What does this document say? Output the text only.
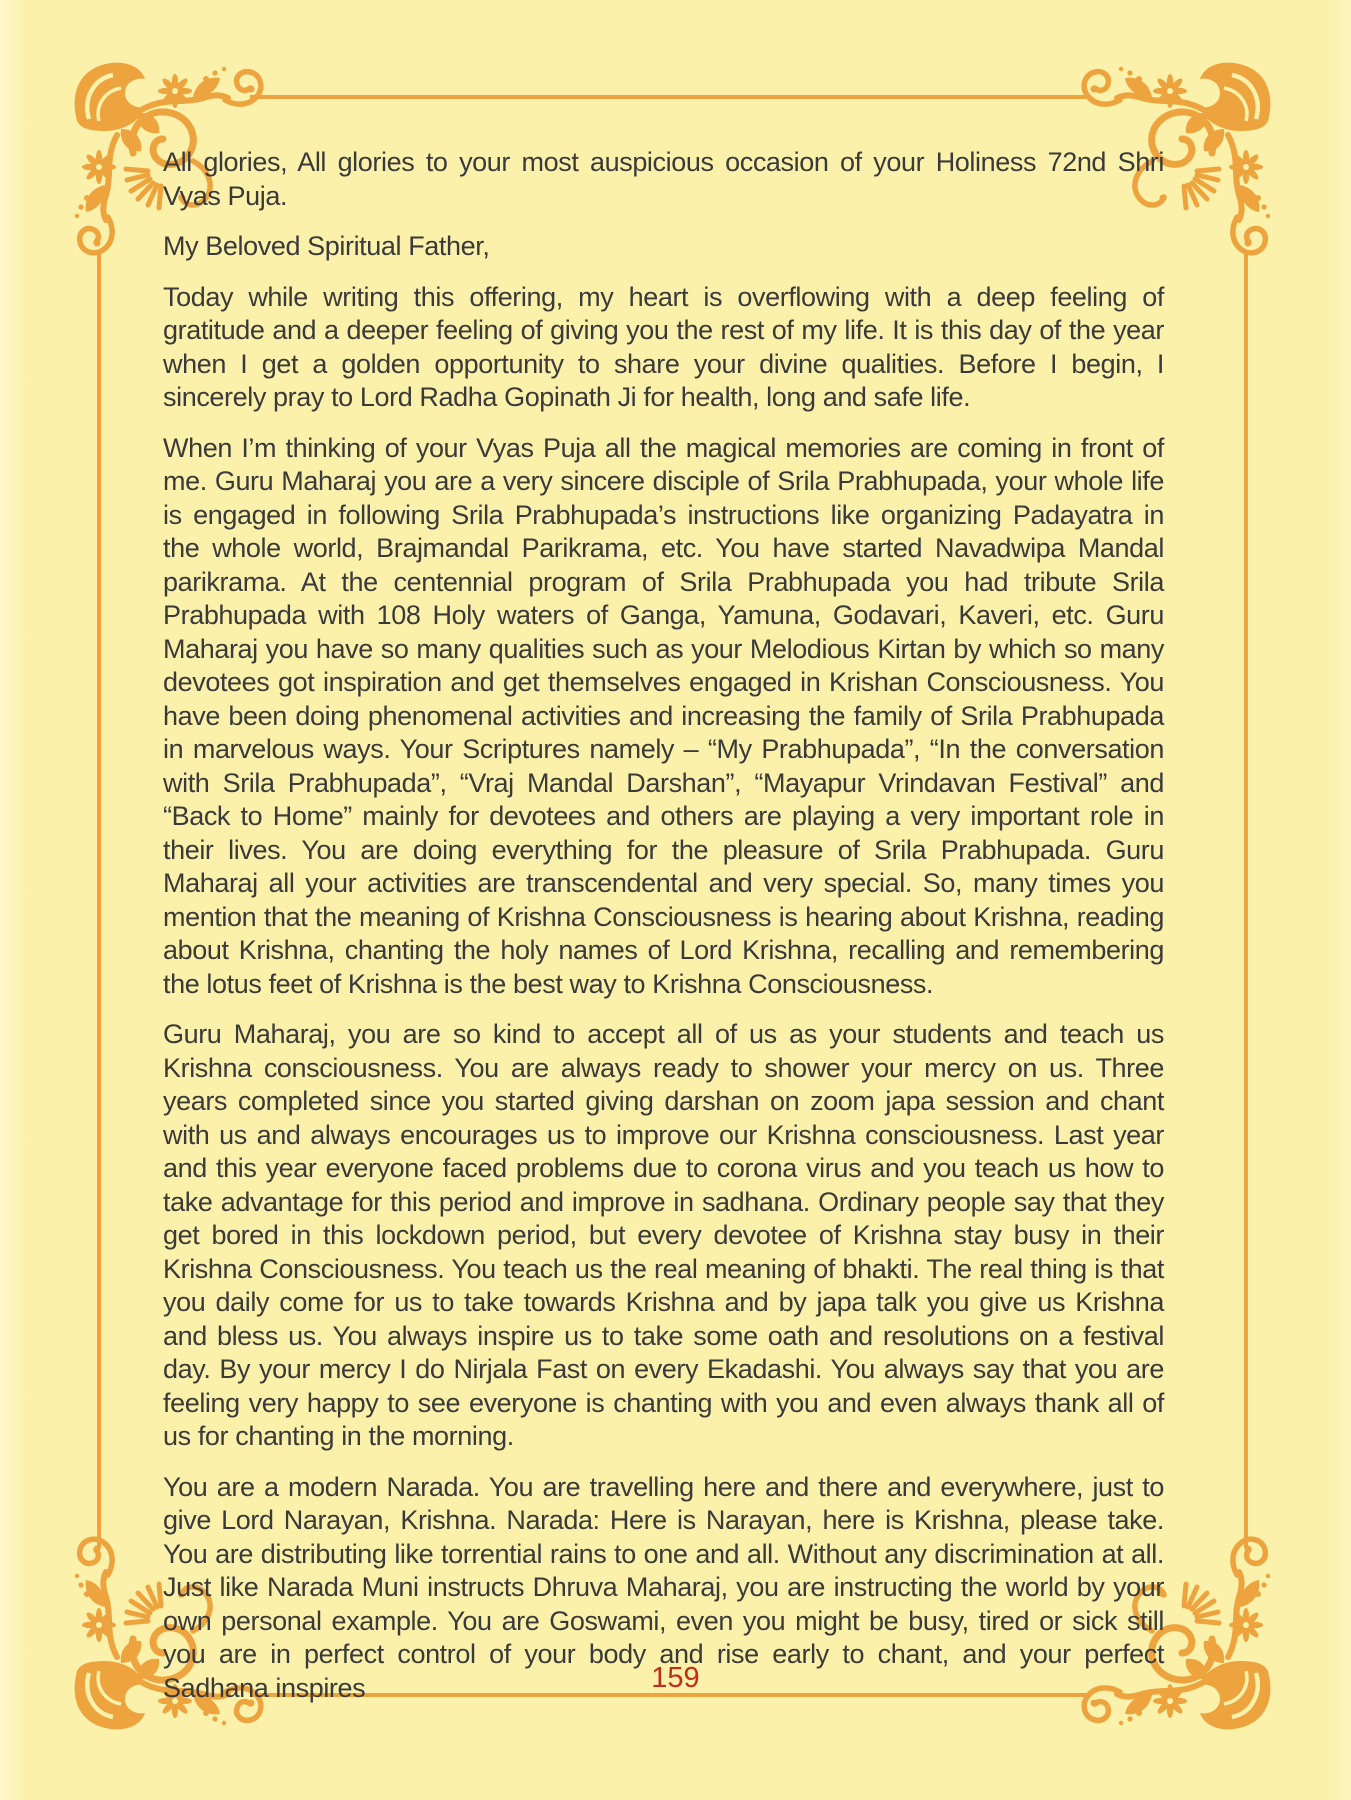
All glories, All glories to your most auspicious occasion of your Holiness 72nd Shri Vyas Puja.

My Beloved Spiritual Father,

Today while writing this offering, my heart is overflowing with a deep feeling of gratitude and a deeper feeling of giving you the rest of my life. It is this day of the year when I get a golden opportunity to share your divine qualities. Before I begin, I sincerely pray to Lord Radha Gopinath Ji for health, long and safe life.

When I’m thinking of your Vyas Puja all the magical memories are coming in front of me. Guru Maharaj you are a very sincere disciple of Srila Prabhupada, your whole life is engaged in following Srila Prabhupada’s instructions like organizing Padayatra in the whole world, Brajmandal Parikrama, etc. You have started Navadwipa Mandal parikrama. At the centennial program of Srila Prabhupada you had tribute Srila Prabhupada with 108 Holy waters of Ganga, Yamuna, Godavari, Kaveri, etc. Guru Maharaj you have so many qualities such as your Melodious Kirtan by which so many devotees got inspiration and get themselves engaged in Krishan Consciousness. You have been doing phenomenal activities and increasing the family of Srila Prabhupada in marvelous ways. Your Scriptures namely – “My Prabhupada”, “In the conversation with Srila Prabhupada”, “Vraj Mandal Darshan”, “Mayapur Vrindavan Festival” and “Back to Home” mainly for devotees and others are playing a very important role in their lives. You are doing everything for the pleasure of Srila Prabhupada. Guru Maharaj all your activities are transcendental and very special. So, many times you mention that the meaning of Krishna Consciousness is hearing about Krishna, reading about Krishna, chanting the holy names of Lord Krishna, recalling and remembering the lotus feet of Krishna is the best way to Krishna Consciousness.

Guru Maharaj, you are so kind to accept all of us as your students and teach us Krishna consciousness. You are always ready to shower your mercy on us. Three years completed since you started giving darshan on zoom japa session and chant with us and always encourages us to improve our Krishna consciousness. Last year and this year everyone faced problems due to corona virus and you teach us how to take advantage for this period and improve in sadhana. Ordinary people say that they get bored in this lockdown period, but every devotee of Krishna stay busy in their Krishna Consciousness. You teach us the real meaning of bhakti. The real thing is that you daily come for us to take towards Krishna and by japa talk you give us Krishna and bless us. You always inspire us to take some oath and resolutions on a festival day. By your mercy I do Nirjala Fast on every Ekadashi. You always say that you are feeling very happy to see everyone is chanting with you and even always thank all of us for chanting in the morning.

You are a modern Narada. You are travelling here and there and everywhere, just to give Lord Narayan, Krishna. Narada: Here is Narayan, here is Krishna, please take. You are distributing like torrential rains to one and all. Without any discrimination at all. Just like Narada Muni instructs Dhruva Maharaj, you are instructing the world by your own personal example. You are Goswami, even you might be busy, tired or sick still you are in perfect control of your body and rise early to chant, and your perfect Sadhana inspires	159
